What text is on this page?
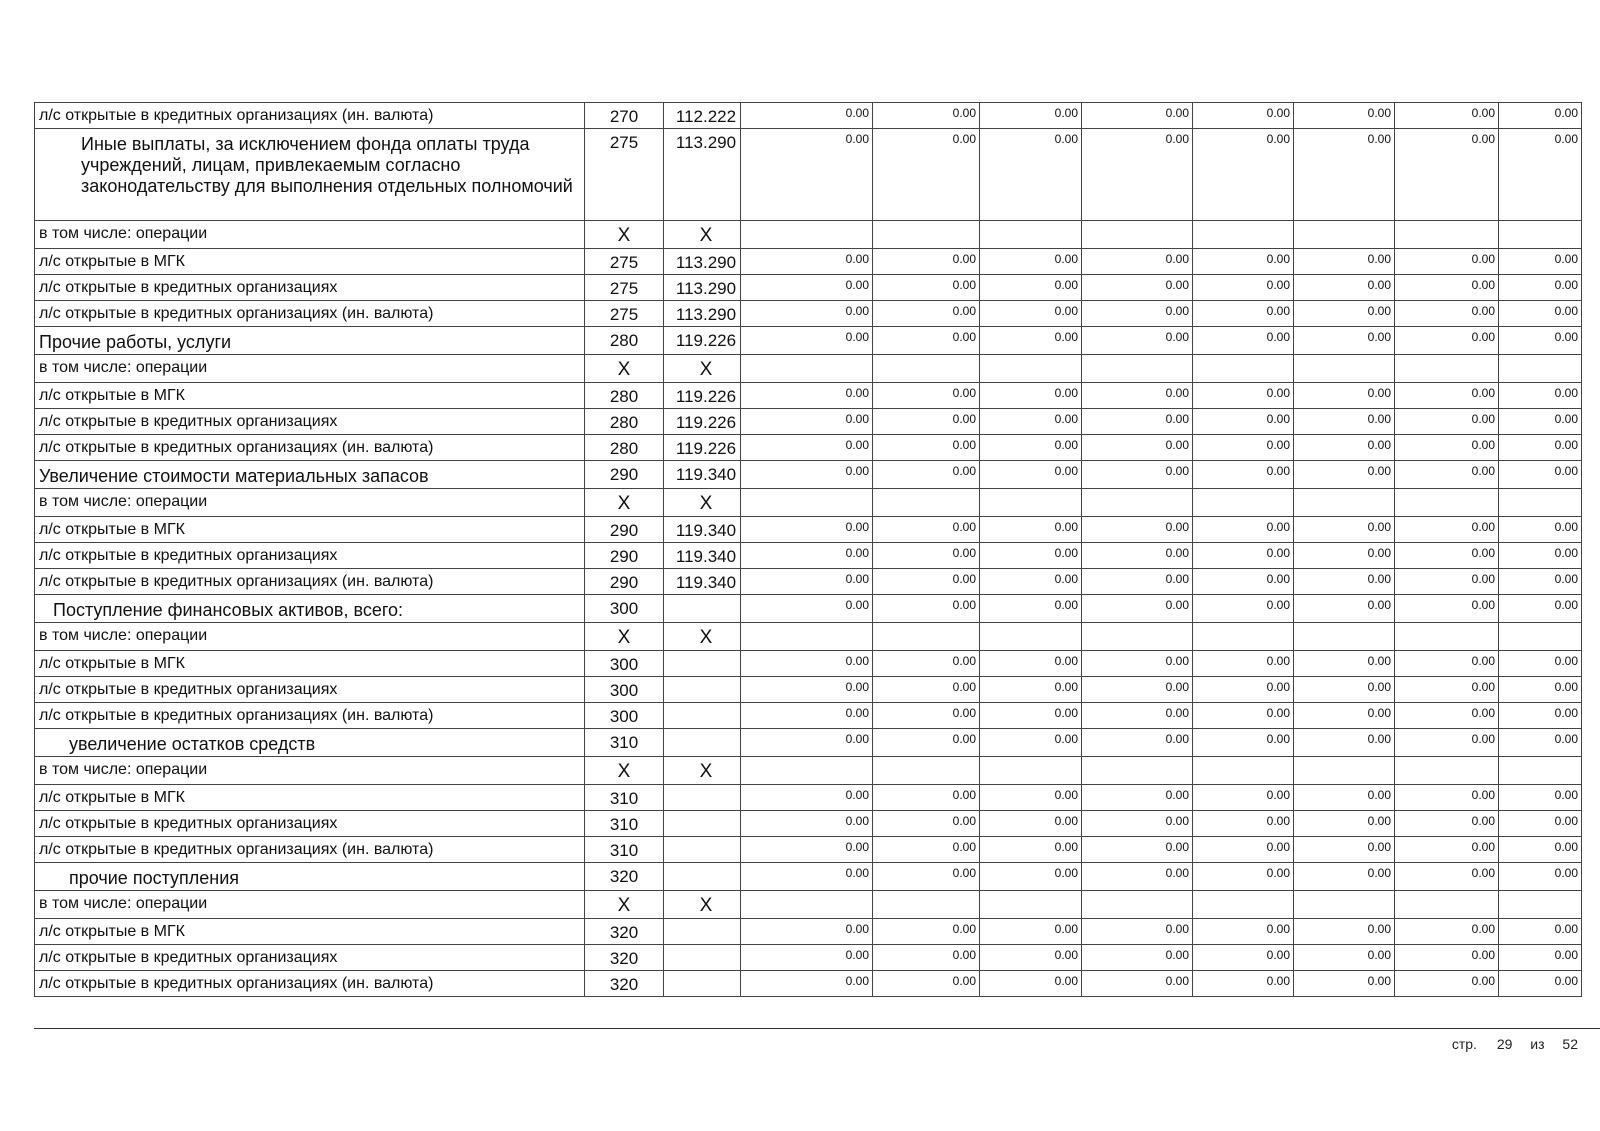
л/с открытые в кредитных организациях (ин. валюта)	270	112.222	0.00	0.00	0.00	0.00	0.00	0.00	0.00	0.00
Иные выплаты, за исключением фонда оплаты труда учреждений, лицам, привлекаемым согласно законодательству для выполнения отдельных полномочий	275	113.290	0.00	0.00	0.00	0.00	0.00	0.00	0.00	0.00
в том числе: операции	X	X								
л/с открытые в МГК	275	113.290	0.00	0.00	0.00	0.00	0.00	0.00	0.00	0.00
л/с открытые в кредитных организациях	275	113.290	0.00	0.00	0.00	0.00	0.00	0.00	0.00	0.00
л/с открытые в кредитных организациях (ин. валюта)	275	113.290	0.00	0.00	0.00	0.00	0.00	0.00	0.00	0.00
Прочие работы, услуги	280	119.226	0.00	0.00	0.00	0.00	0.00	0.00	0.00	0.00
в том числе: операции	X	X								
л/с открытые в МГК	280	119.226	0.00	0.00	0.00	0.00	0.00	0.00	0.00	0.00
л/с открытые в кредитных организациях	280	119.226	0.00	0.00	0.00	0.00	0.00	0.00	0.00	0.00
л/с открытые в кредитных организациях (ин. валюта)	280	119.226	0.00	0.00	0.00	0.00	0.00	0.00	0.00	0.00
Увеличение стоимости материальных запасов	290	119.340	0.00	0.00	0.00	0.00	0.00	0.00	0.00	0.00
в том числе: операции	X	X								
л/с открытые в МГК	290	119.340	0.00	0.00	0.00	0.00	0.00	0.00	0.00	0.00
л/с открытые в кредитных организациях	290	119.340	0.00	0.00	0.00	0.00	0.00	0.00	0.00	0.00
л/с открытые в кредитных организациях (ин. валюта)	290	119.340	0.00	0.00	0.00	0.00	0.00	0.00	0.00	0.00
Поступление финансовых активов, всего:	300		0.00	0.00	0.00	0.00	0.00	0.00	0.00	0.00
в том числе: операции	X	X								
л/с открытые в МГК	300		0.00	0.00	0.00	0.00	0.00	0.00	0.00	0.00
л/с открытые в кредитных организациях	300		0.00	0.00	0.00	0.00	0.00	0.00	0.00	0.00
л/с открытые в кредитных организациях (ин. валюта)	300		0.00	0.00	0.00	0.00	0.00	0.00	0.00	0.00
увеличение остатков средств	310		0.00	0.00	0.00	0.00	0.00	0.00	0.00	0.00
в том числе: операции	X	X								
л/с открытые в МГК	310		0.00	0.00	0.00	0.00	0.00	0.00	0.00	0.00
л/с открытые в кредитных организациях	310		0.00	0.00	0.00	0.00	0.00	0.00	0.00	0.00
л/с открытые в кредитных организациях (ин. валюта)	310		0.00	0.00	0.00	0.00	0.00	0.00	0.00	0.00
прочие поступления	320		0.00	0.00	0.00	0.00	0.00	0.00	0.00	0.00
в том числе: операции	X	X								
л/с открытые в МГК	320		0.00	0.00	0.00	0.00	0.00	0.00	0.00	0.00
л/с открытые в кредитных организациях	320		0.00	0.00	0.00	0.00	0.00	0.00	0.00	0.00
л/с открытые в кредитных организациях (ин. валюта)	320		0.00	0.00	0.00	0.00	0.00	0.00	0.00	0.00
стр. 29 из 52
